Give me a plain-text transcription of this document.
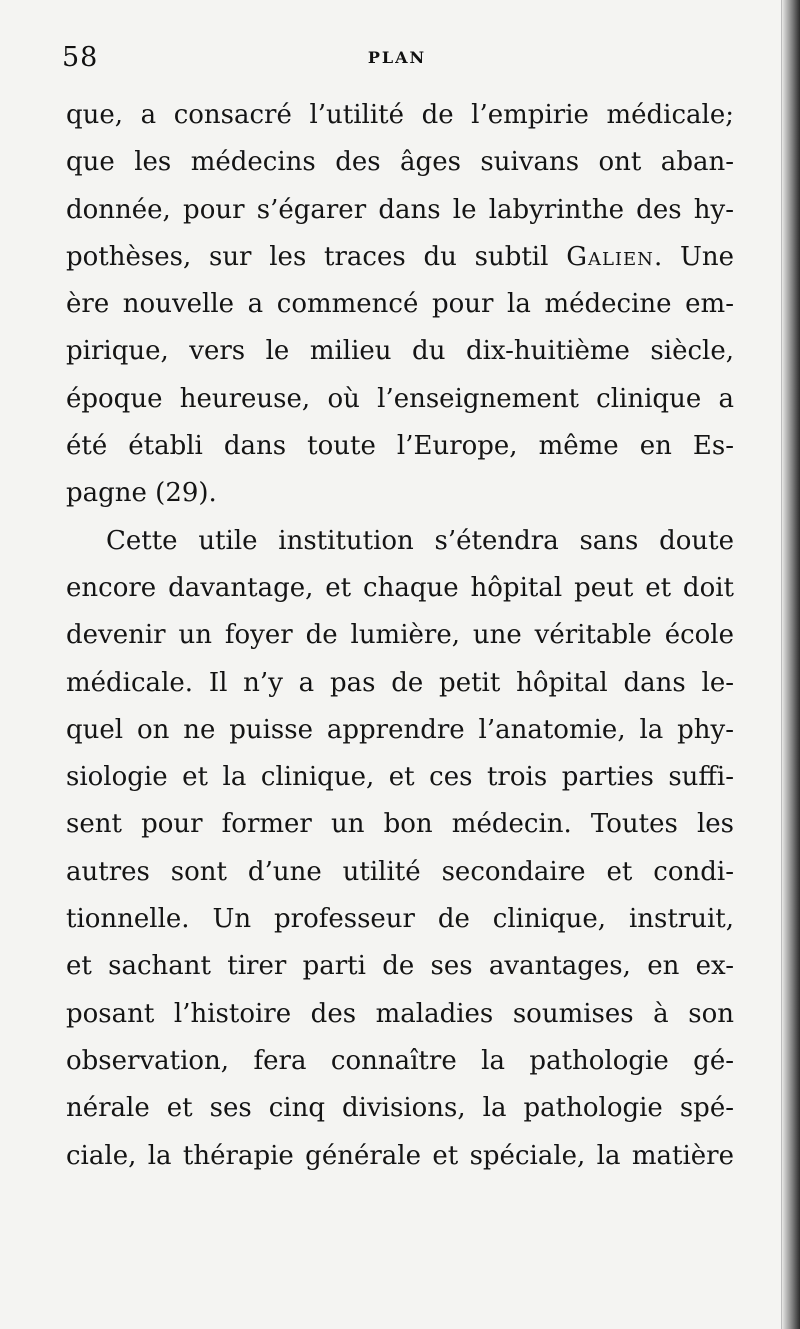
58	PLAN
que, a consacré l’utilité de l’empirie médicale;
que les médecins des âges suivans ont aban-
donnée, pour s’égarer dans le labyrinthe des hy-
pothèses, sur les traces du subtil Galien. Une
ère nouvelle a commencé pour la médecine em-
pirique, vers le milieu du dix-huitième siècle,
époque heureuse, où l’enseignement clinique a
été établi dans toute l’Europe, même en Es-
pagne (29).
Cette utile institution s’étendra sans doute
encore davantage, et chaque hôpital peut et doit
devenir un foyer de lumière, une véritable école
médicale. Il n’y a pas de petit hôpital dans le-
quel on ne puisse apprendre l’anatomie, la phy-
siologie et la clinique, et ces trois parties suffi-
sent pour former un bon médecin. Toutes les
autres sont d’une utilité secondaire et condi-
tionnelle. Un professeur de clinique, instruit,
et sachant tirer parti de ses avantages, en ex-
posant l’histoire des maladies soumises à son
observation, fera connaître la pathologie gé-
nérale et ses cinq divisions, la pathologie spé-
ciale, la thérapie générale et spéciale, la matière
